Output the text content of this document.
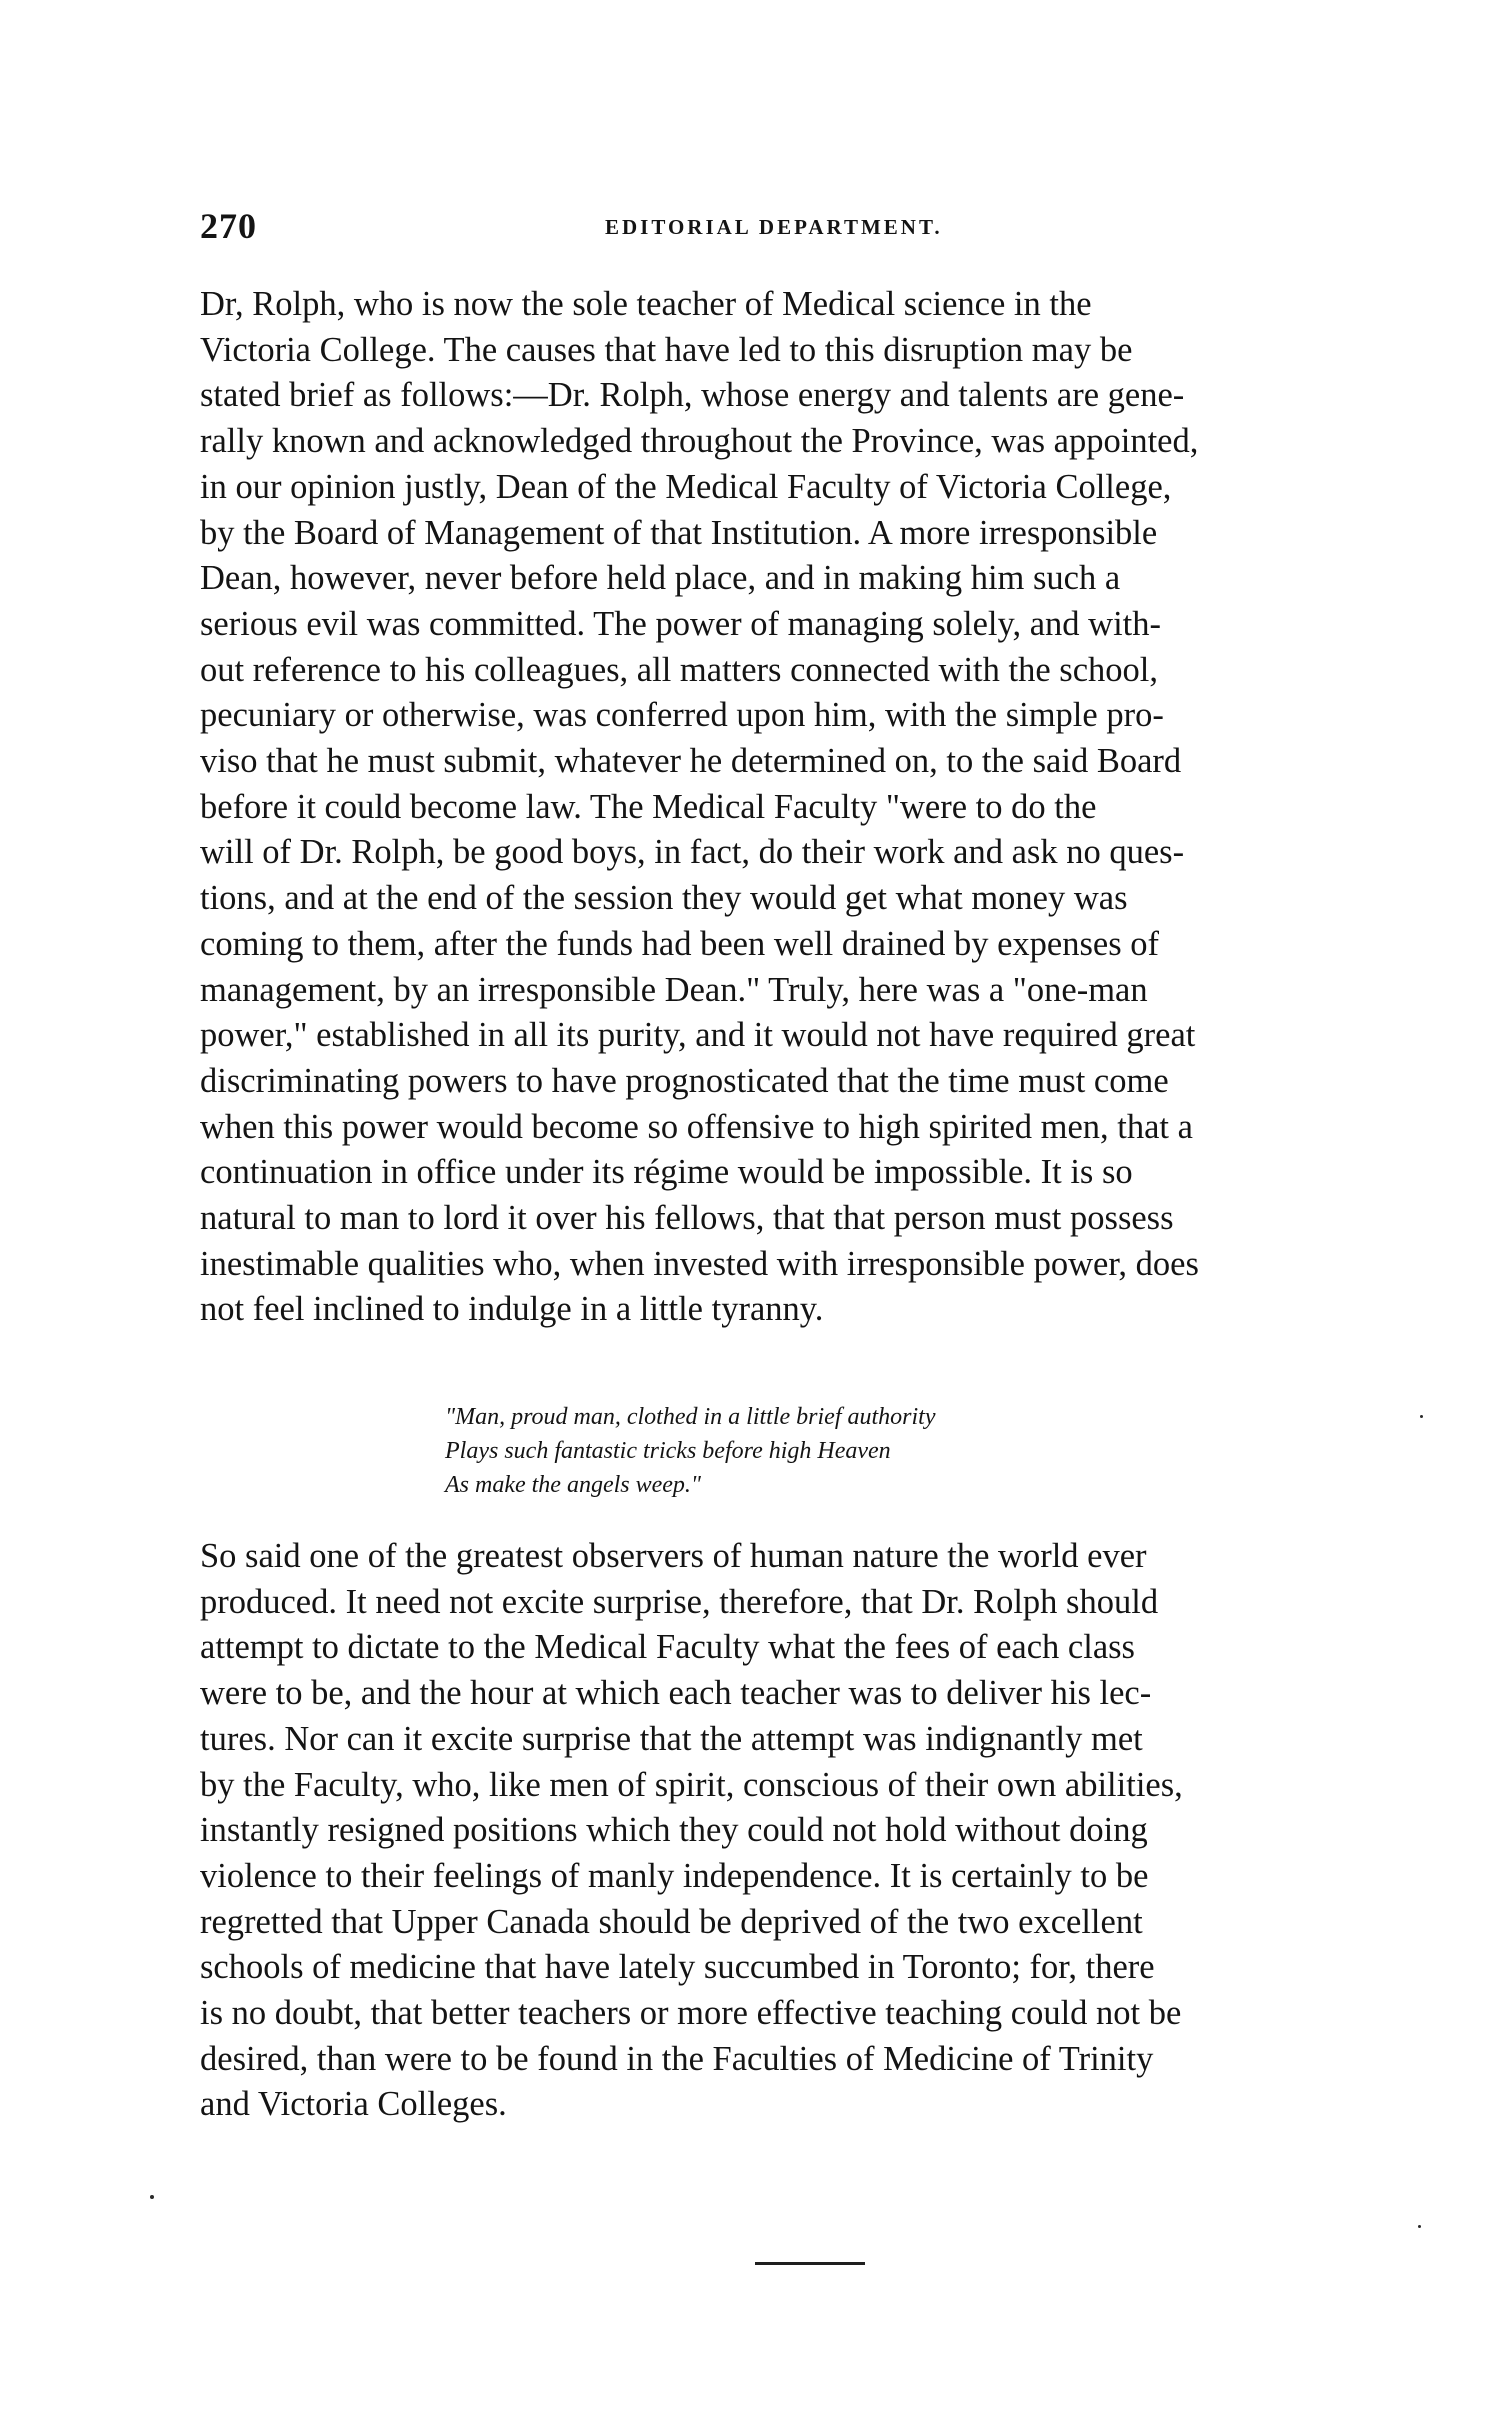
270	EDITORIAL DEPARTMENT.
Dr, Rolph, who is now the sole teacher of Medical science in the
Victoria College. The causes that have led to this disruption may be
stated brief as follows:—Dr. Rolph, whose energy and talents are gene-
rally known and acknowledged throughout the Province, was appointed,
in our opinion justly, Dean of the Medical Faculty of Victoria College,
by the Board of Management of that Institution. A more irresponsible
Dean, however, never before held place, and in making him such a
serious evil was committed. The power of managing solely, and with-
out reference to his colleagues, all matters connected with the school,
pecuniary or otherwise, was conferred upon him, with the simple pro-
viso that he must submit, whatever he determined on, to the said Board
before it could become law. The Medical Faculty "were to do the
will of Dr. Rolph, be good boys, in fact, do their work and ask no ques-
tions, and at the end of the session they would get what money was
coming to them, after the funds had been well drained by expenses of
management, by an irresponsible Dean." Truly, here was a "one-man
power," established in all its purity, and it would not have required great
discriminating powers to have prognosticated that the time must come
when this power would become so offensive to high spirited men, that a
continuation in office under its régime would be impossible. It is so
natural to man to lord it over his fellows, that that person must possess
inestimable qualities who, when invested with irresponsible power, does
not feel inclined to indulge in a little tyranny.
"Man, proud man, clothed in a little brief authority
Plays such fantastic tricks before high Heaven
As make the angels weep."
So said one of the greatest observers of human nature the world ever
produced. It need not excite surprise, therefore, that Dr. Rolph should
attempt to dictate to the Medical Faculty what the fees of each class
were to be, and the hour at which each teacher was to deliver his lec-
tures. Nor can it excite surprise that the attempt was indignantly met
by the Faculty, who, like men of spirit, conscious of their own abilities,
instantly resigned positions which they could not hold without doing
violence to their feelings of manly independence. It is certainly to be
regretted that Upper Canada should be deprived of the two excellent
schools of medicine that have lately succumbed in Toronto; for, there
is no doubt, that better teachers or more effective teaching could not be
desired, than were to be found in the Faculties of Medicine of Trinity
and Victoria Colleges.
